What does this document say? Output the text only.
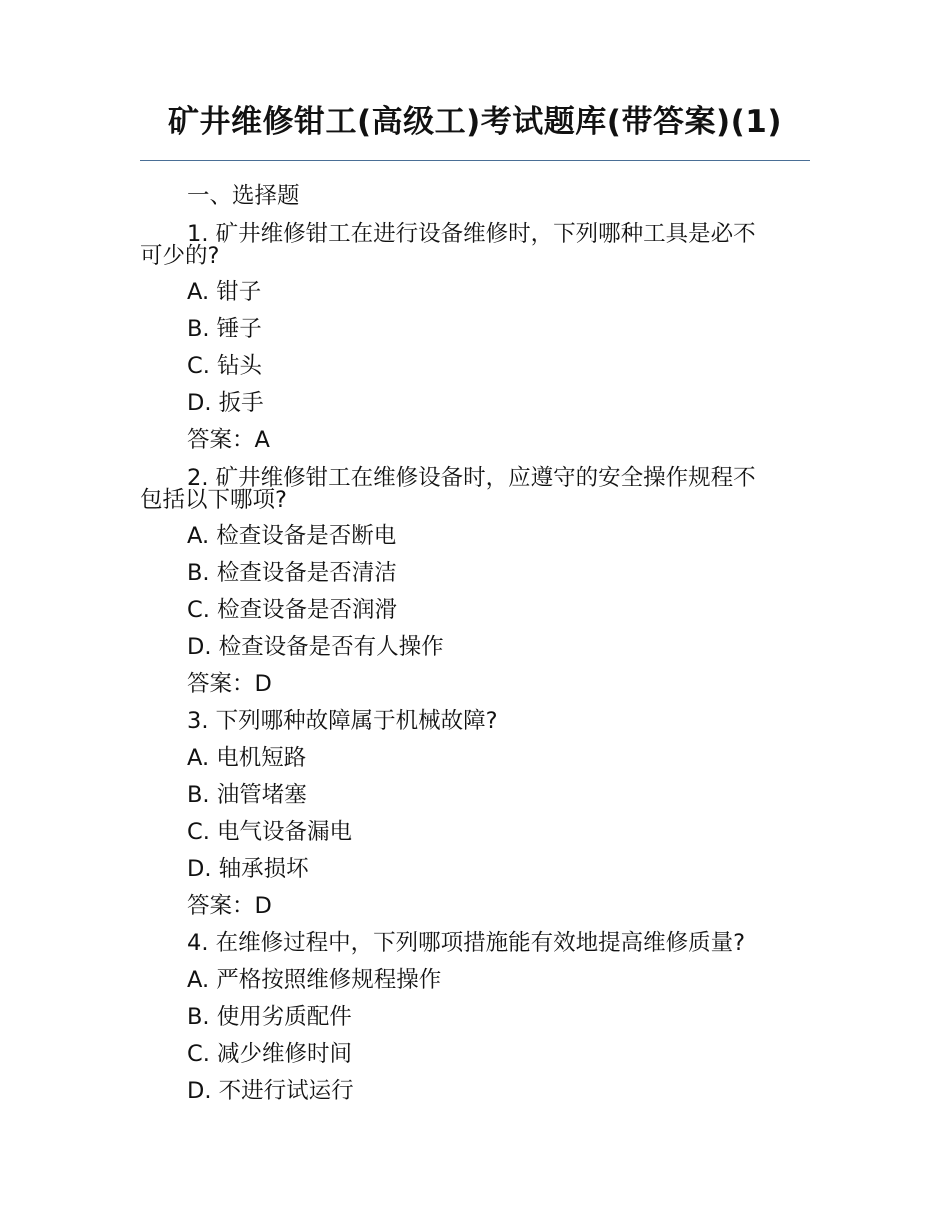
矿井维修钳工(高级工)考试题库(带答案)(1)
一、选择题
1. 矿井维修钳工在进行设备维修时，下列哪种工具是必不
可少的?
A. 钳子
B. 锤子
C. 钻头
D. 扳手
答案：A
2. 矿井维修钳工在维修设备时，应遵守的安全操作规程不
包括以下哪项?
A. 检查设备是否断电
B. 检查设备是否清洁
C. 检查设备是否润滑
D. 检查设备是否有人操作
答案：D
3. 下列哪种故障属于机械故障?
A. 电机短路
B. 油管堵塞
C. 电气设备漏电
D. 轴承损坏
答案：D
4. 在维修过程中，下列哪项措施能有效地提高维修质量?
A. 严格按照维修规程操作
B. 使用劣质配件
C. 减少维修时间
D. 不进行试运行
